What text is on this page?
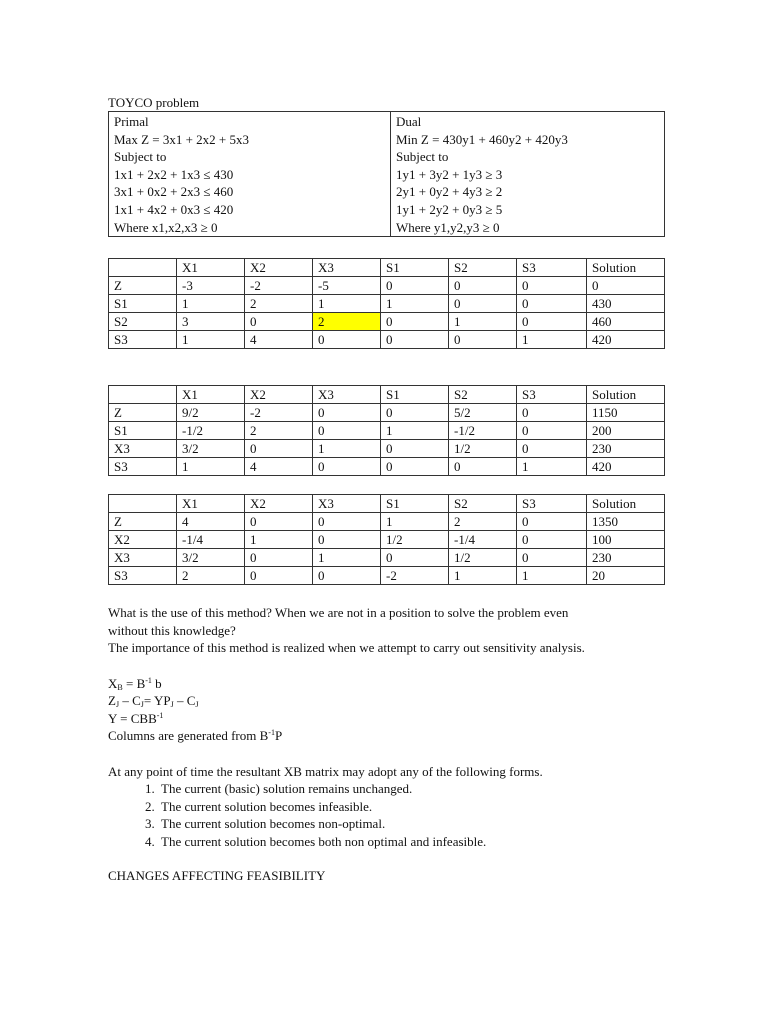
TOYCO problem
Primal
Max Z = 3x1 + 2x2 + 5x3
Subject to
1x1 + 2x2 + 1x3 ≤ 430
3x1 + 0x2 + 2x3 ≤ 460
1x1 + 4x2 + 0x3 ≤ 420
Where x1,x2,x3 ≥ 0

Dual
Min Z = 430y1 + 460y2 + 420y3
Subject to
1y1 + 3y2 + 1y3 ≥ 3
2y1 + 0y2 + 4y3 ≥ 2
1y1 + 2y2 + 0y3 ≥ 5
Where y1,y2,y3 ≥ 0
	X1	X2	X3	S1	S2	S3	Solution
Z	-3	-2	-5	0	0	0	0
S1	1	2	1	1	0	0	430
S2	3	0	2	0	1	0	460
S3	1	4	0	0	0	1	420
	X1	X2	X3	S1	S2	S3	Solution
Z	9/2	-2	0	0	5/2	0	1150
S1	-1/2	2	0	1	-1/2	0	200
X3	3/2	0	1	0	1/2	0	230
S3	1	4	0	0	0	1	420
	X1	X2	X3	S1	S2	S3	Solution
Z	4	0	0	1	2	0	1350
X2	-1/4	1	0	1/2	-1/4	0	100
X3	3/2	0	1	0	1/2	0	230
S3	2	0	0	-2	1	1	20
What is the use of this method? When we are not in a position to solve the problem even without this knowledge?
The importance of this method is realized when we attempt to carry out sensitivity analysis.
$X_B = B^{-1}$ b
$Z_J - C_J= YP_J - C_J$
$Y = CBB^{-1}$
Columns are generated from $B^{-1}P$
At any point of time the resultant XB matrix may adopt any of the following forms.
1. The current (basic) solution remains unchanged.
2. The current solution becomes infeasible.
3. The current solution becomes non-optimal.
4. The current solution becomes both non optimal and infeasible.
CHANGES AFFECTING FEASIBILITY
